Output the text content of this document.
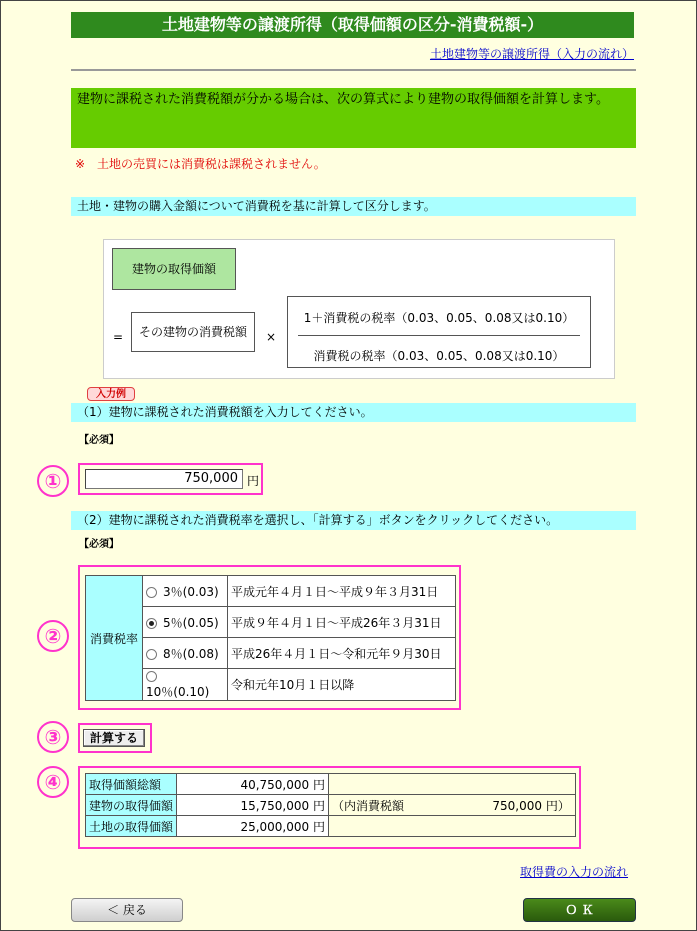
土地建物等の譲渡所得（取得価額の区分-消費税額-）
土地建物等の譲渡所得（入力の流れ）
建物に課税された消費税額が分かる場合は、次の算式により建物の取得価額を計算します。
※　土地の売買には消費税は課税されません。
土地・建物の購入金額について消費税を基に計算して区分します。
建物の取得価額
=	その建物の消費税額	×
1＋消費税の税率（0.03、0.05、0.08又は0.10）
消費税の税率（0.03、0.05、0.08又は0.10）
入力例
（1）建物に課税された消費税額を入力してください。
【必須】
①	750,000 円
（2）建物に課税された消費税率を選択し、「計算する」ボタンをクリックしてください。
【必須】
②	消費税率	3％(0.03)	平成元年４月１日～平成９年３月31日
	5％(0.05)	平成９年４月１日～平成26年３月31日
	8％(0.08)	平成26年４月１日～令和元年９月30日
	10％(0.10)	令和元年10月１日以降
③	計算する
④	取得価額総額	40,750,000 円	
建物の取得価額	15,750,000 円	（内消費税額 750,000 円）
土地の取得価額	25,000,000 円	
取得費の入力の流れ
＜ 戻る	Ｏ Ｋ
